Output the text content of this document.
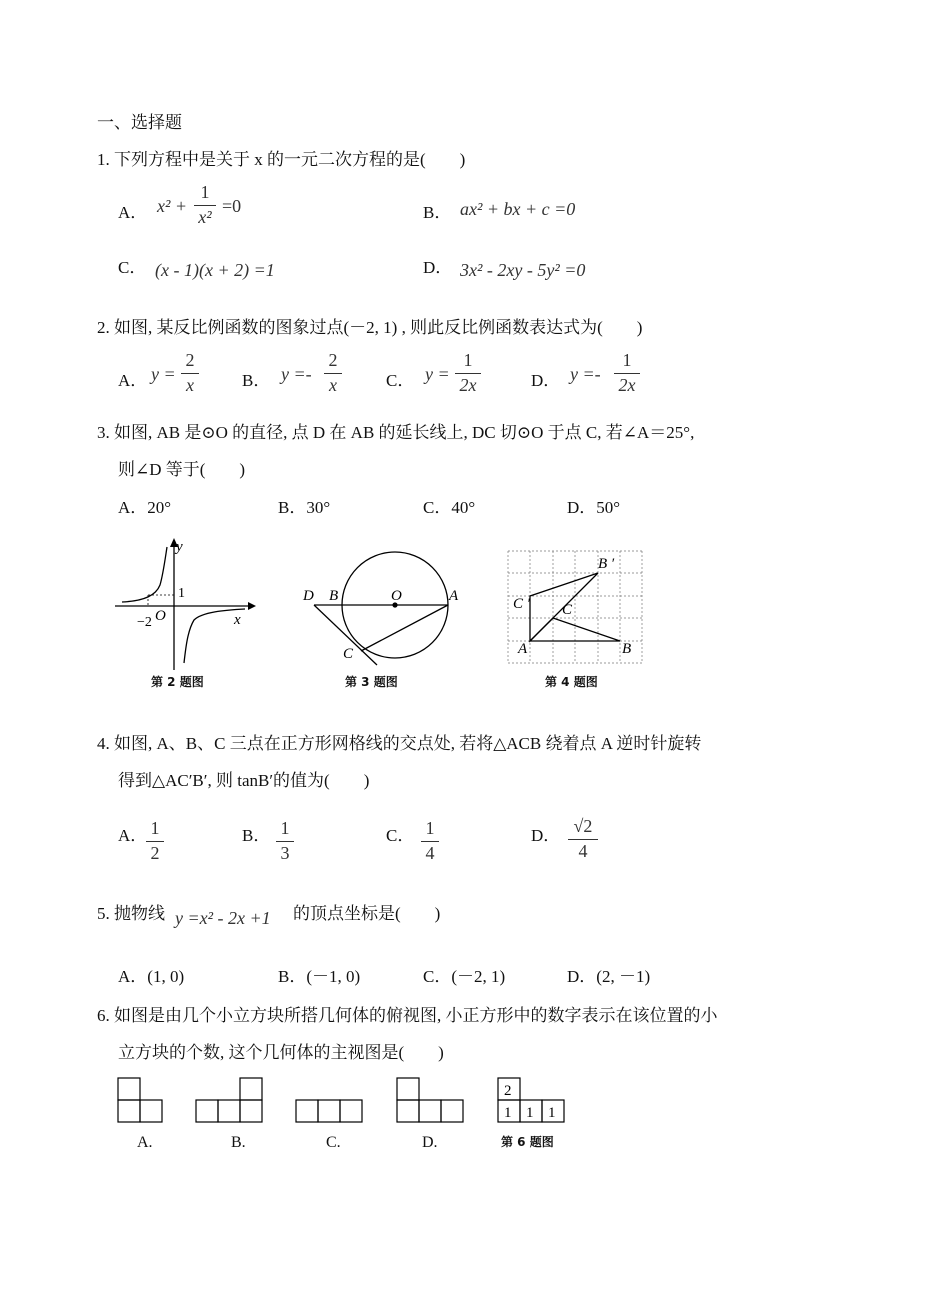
一、选择题
1. 下列方程中是关于 x 的一元二次方程的是(　　)
A． x² +
1
x²
=0	B． ax² + bx + c =0
C． (x - 1)(x + 2) =1	D． 3x² - 2xy - 5y² =0
2. 如图, 某反比例函数的图象过点(－2, 1) , 则此反比例函数表达式为(　　)
A． y =
2
x	B． y =-
2
x	C． y =
1
2x	D． y =-
1
2x
3. 如图, AB 是⊙O 的直径, 点 D 在 AB 的延长线上, DC 切⊙O 于点 C, 若∠A＝25°,
则∠D 等于(　　)
A．20°	B．30°	C．40°	D．50°
y
x
1
−2 O
第 2 题图
D B	O	A
C
第 3 题图
B ′
C ′ C
A	B
第 4 题图
4. 如图, A、B、C 三点在正方形网格线的交点处, 若将△ACB 绕着点 A 逆时针旋转
得到△AC′B′, 则 tanB′的值为(　　)
A． 1
2
B． 1
3
C． 1
4
D． √2
4
5. 抛物线 y =x² - 2x +1 的顶点坐标是(　　)
A．(1, 0)	B．(－1, 0)	C．(－2, 1)	D．(2, －1)
6. 如图是由几个小立方块所搭几何体的俯视图, 小正方形中的数字表示在该位置的小
立方块的个数, 这个几何体的主视图是(　　)
A.	B.	C.	D.
2
1 1 1
第 6 题图
